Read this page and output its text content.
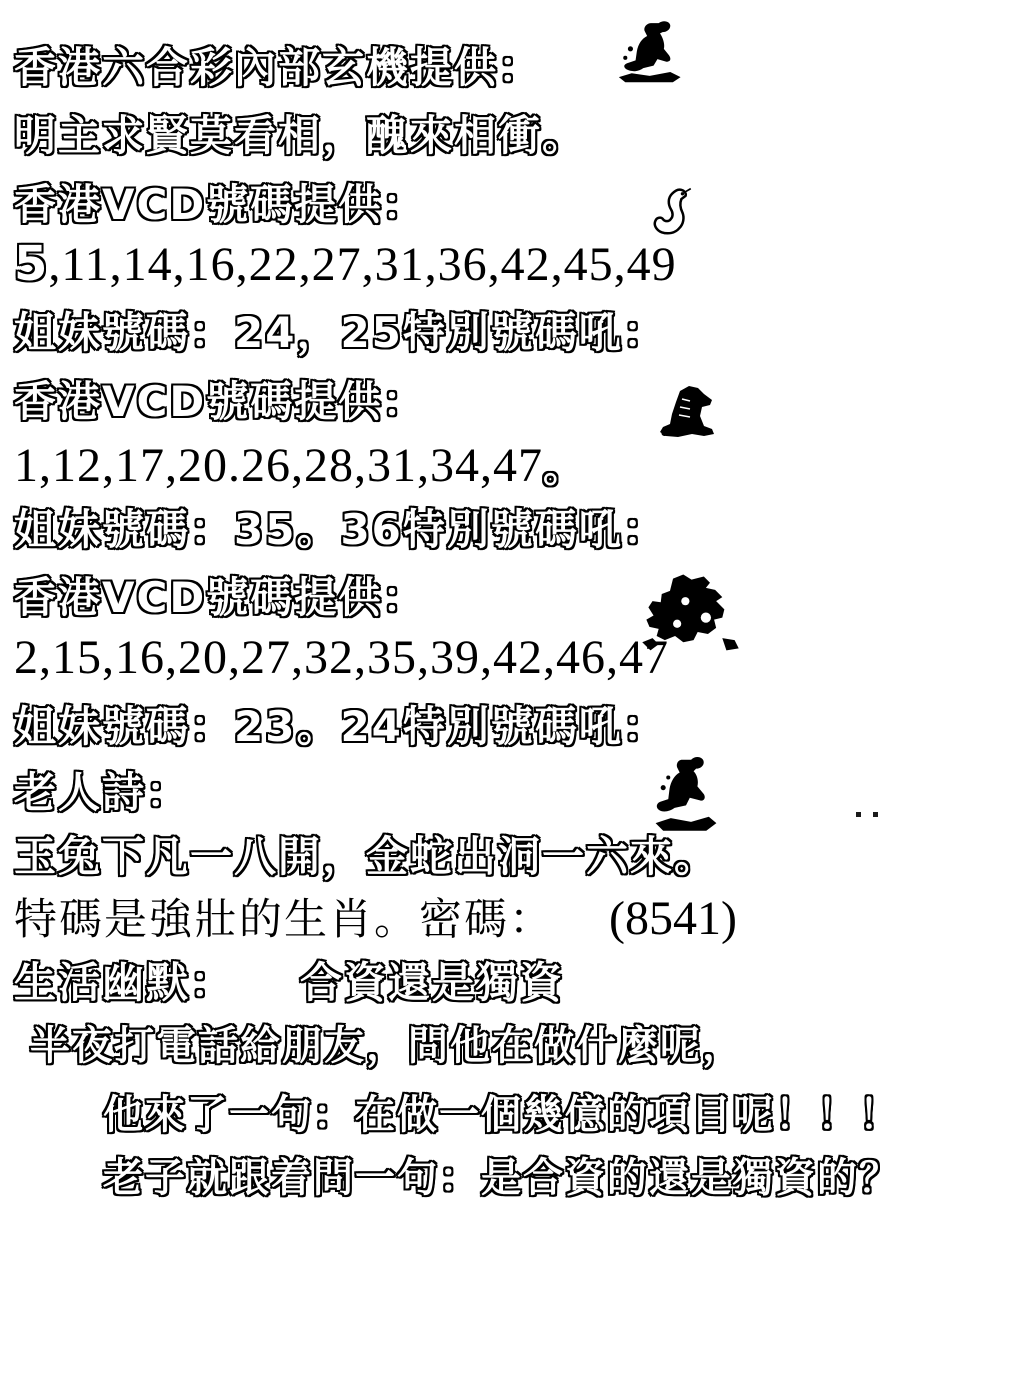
香港六合彩內部玄機提供：
明主求賢莫看相，醜來相衝。
香港VCD號碼提供：
5,11,14,16,22,27,31,36,42,45,49
姐妹號碼：24，25特別號碼吼：
香港VCD號碼提供：
1,12,17,20.26,28,31,34,47。
姐妹號碼：35。36特別號碼吼：
香港VCD號碼提供：
2,15,16,20,27,32,35,39,42,46,47
姐妹號碼：23。24特別號碼吼：
老人詩：
玉兔下凡一八開，金蛇出洞一六來。
特碼是強壯的生肖。密碼： (8541)
生活幽默： 合資還是獨資
半夜打電話給朋友，問他在做什麼呢，
他來了一句：在做一個幾億的項目呢！！！
老子就跟着問一句：是合資的還是獨資的？
